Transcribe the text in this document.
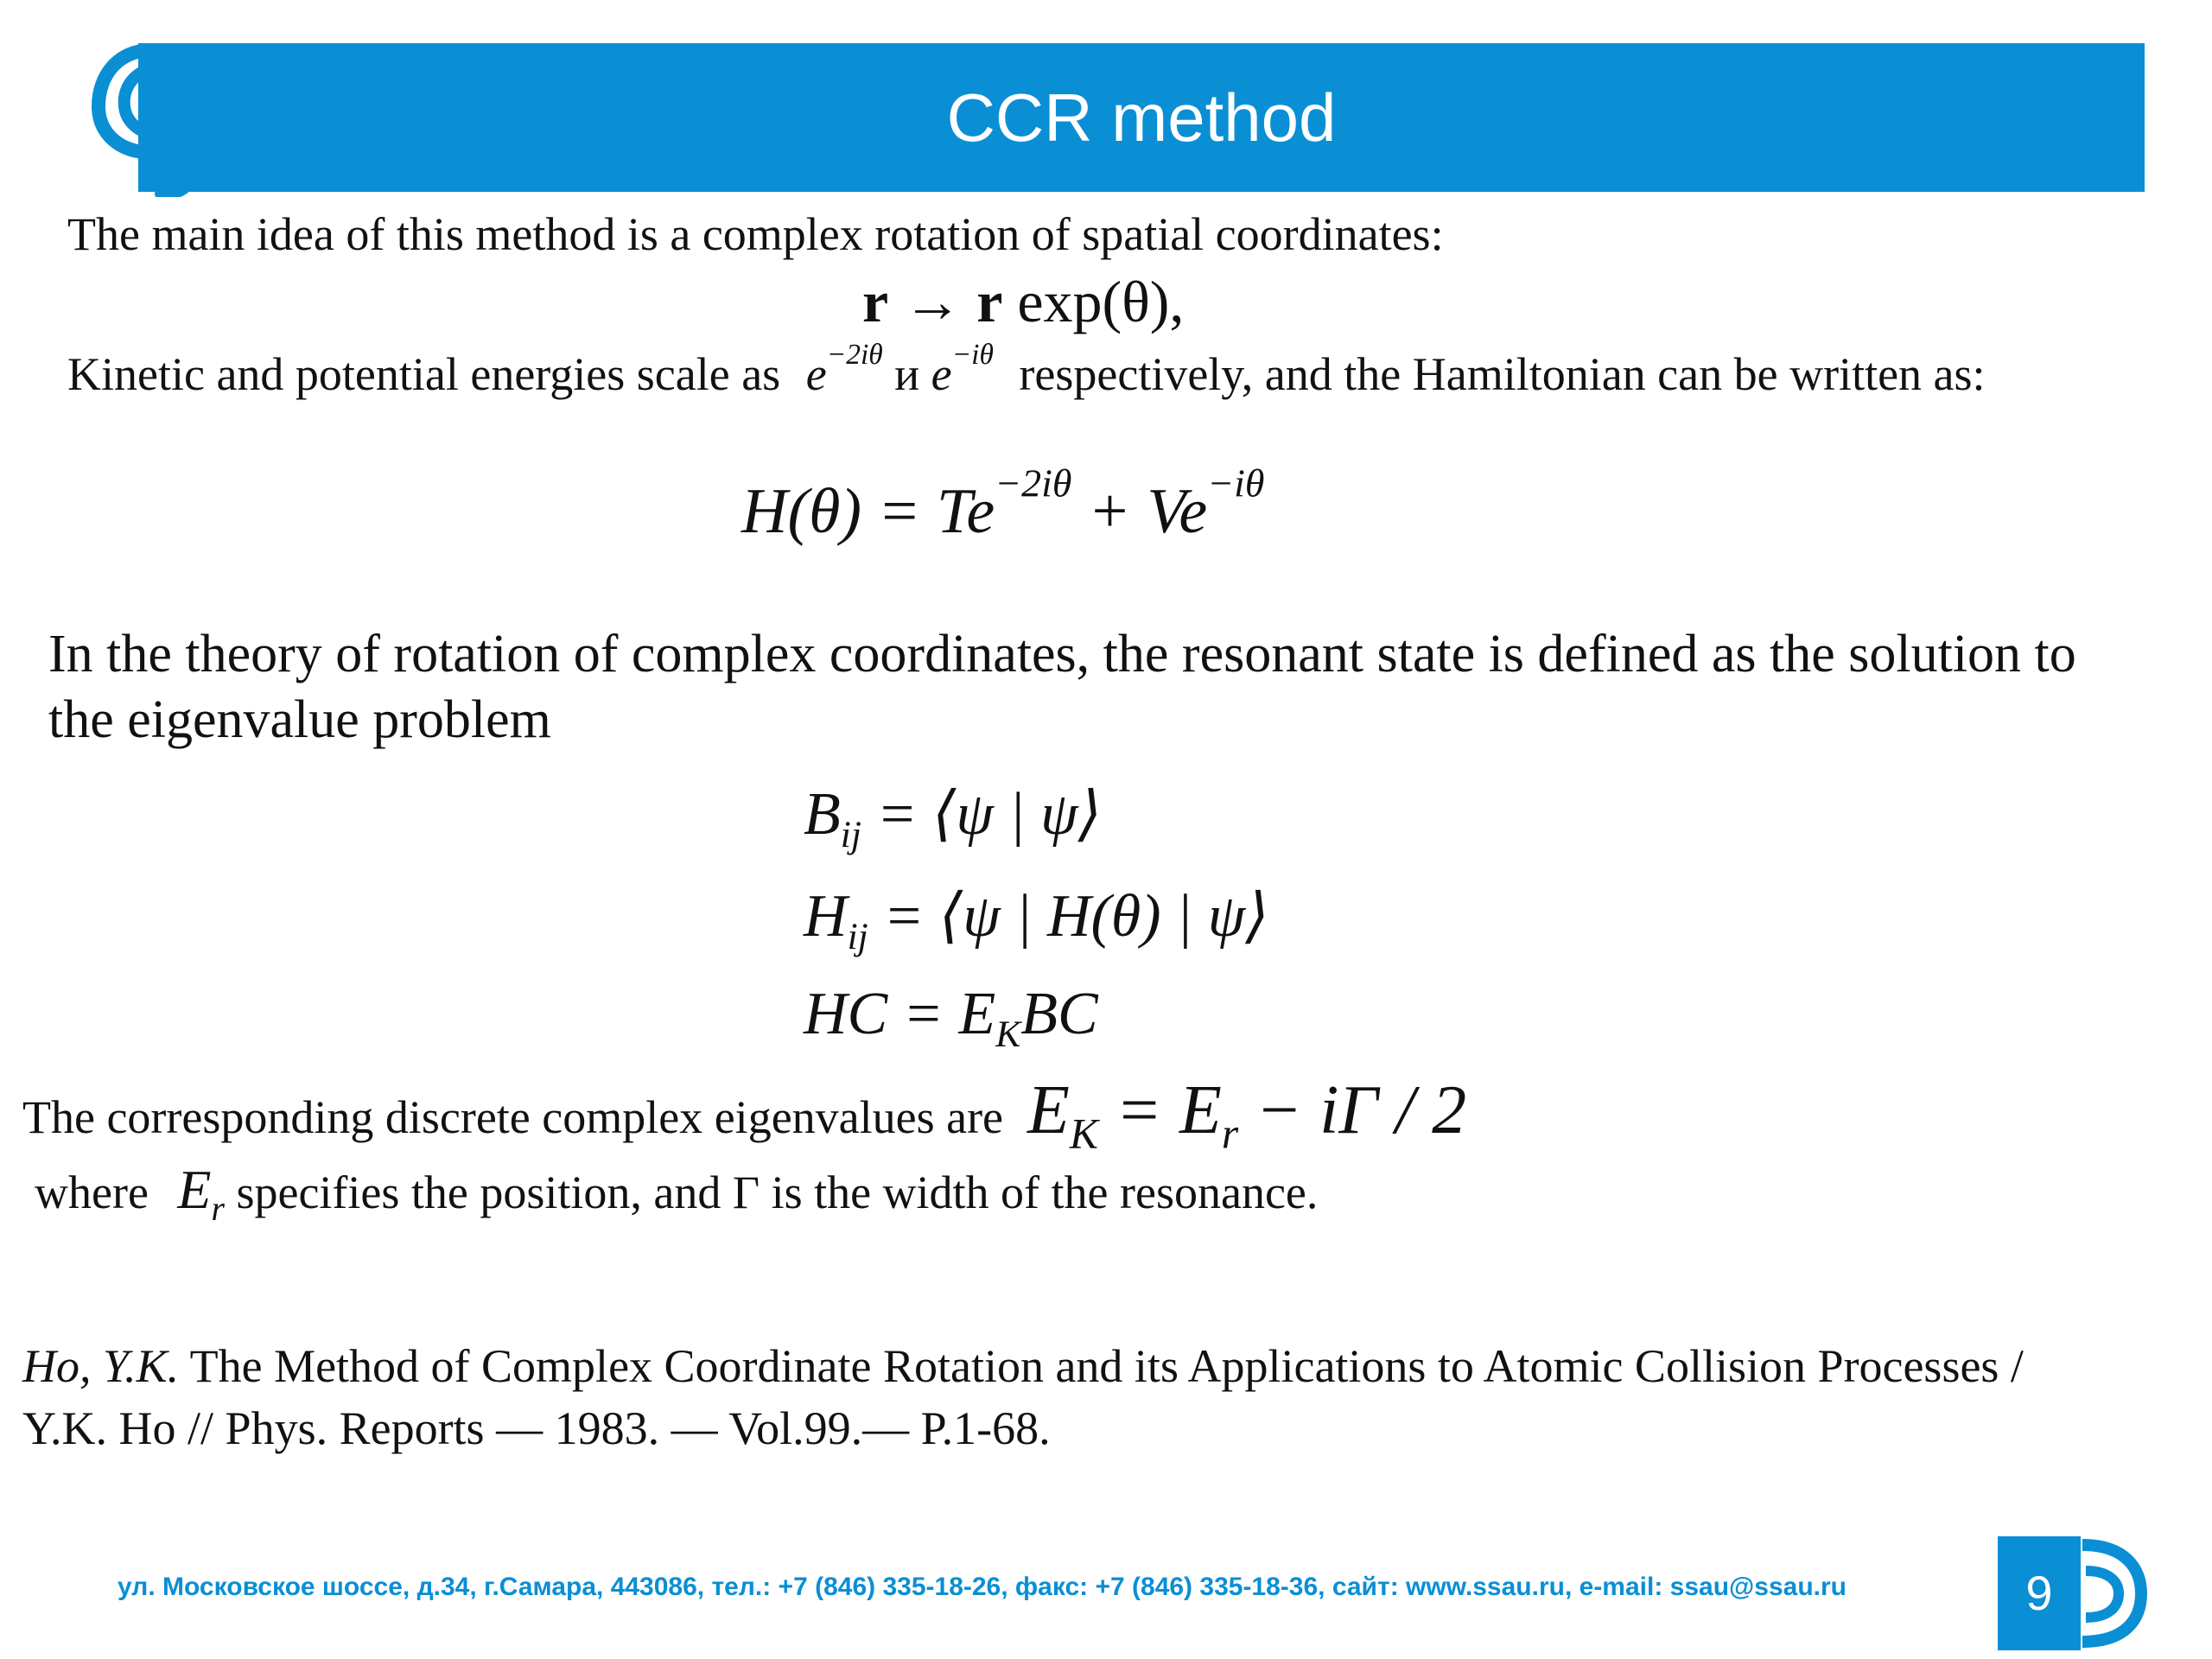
CCR method
The main idea of this method is a complex rotation of spatial coordinates:
r → r exp(θ),
Kinetic and potential energies scale as $e^{-2i\theta}$ и $e^{-i\theta}$ respectively, and the Hamiltonian can be written as:
$H(\theta) = Te^{-2i\theta} + Ve^{-i\theta}$
In the theory of rotation of complex coordinates, the resonant state is defined as the solution to
the eigenvalue problem
$B_{ij}$ = ⟨ψ | ψ⟩
$H_{ij}$ = ⟨ψ | H(θ) | ψ⟩
HC = $E_KBC$
The corresponding discrete complex eigenvalues are $E_K = E_r - i\Gamma / 2$
where $E_r$ specifies the position, and Γ is the width of the resonance.
Ho, Y.K. The Method of Complex Coordinate Rotation and its Applications to Atomic Collision Processes /
Y.K. Ho // Phys. Reports — 1983. — Vol.99.— P.1-68.
ул. Московское шоссе, д.34, г.Самара, 443086, тел.: +7 (846) 335-18-26, факс: +7 (846) 335-18-36, сайт: www.ssau.ru, e-mail: ssau@ssau.ru	9
